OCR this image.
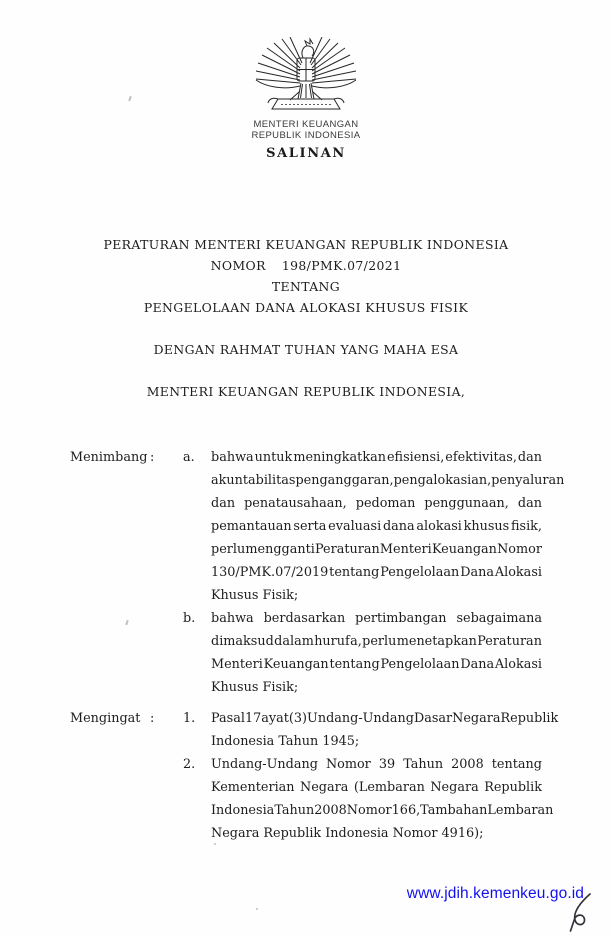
MENTERI KEUANGAN
REPUBLIK INDONESIA
SALINAN
PERATURAN MENTERI KEUANGAN REPUBLIK INDONESIA
NOMOR 198/PMK.07/2021
TENTANG
PENGELOLAAN DANA ALOKASI KHUSUS FISIK
DENGAN RAHMAT TUHAN YANG MAHA ESA
MENTERI KEUANGAN REPUBLIK INDONESIA,
Menimbang : a.	bahwa untuk meningkatkan efisiensi, efektivitas, dan
akuntabilitas penganggaran, pengalokasian, penyaluran
dan penatausahaan, pedoman penggunaan, dan
pemantauan serta evaluasi dana alokasi khusus fisik,
perlu mengganti Peraturan Menteri Keuangan Nomor
130/PMK.07/2019 tentang Pengelolaan Dana Alokasi
Khusus Fisik;
b.	bahwa berdasarkan pertimbangan sebagaimana
dimaksud dalam huruf a, perlu menetapkan Peraturan
Menteri Keuangan tentang Pengelolaan Dana Alokasi
Khusus Fisik;
Mengingat : 1.	Pasal 17 ayat (3) Undang-Undang Dasar Negara Republik
Indonesia Tahun 1945;
2.	Undang-Undang Nomor 39 Tahun 2008 tentang
Kementerian Negara (Lembaran Negara Republik
Indonesia Tahun 2008 Nomor 166, Tambahan Lembaran
Negara Republik Indonesia Nomor 4916);
www.jdih.kemenkeu.go.id
